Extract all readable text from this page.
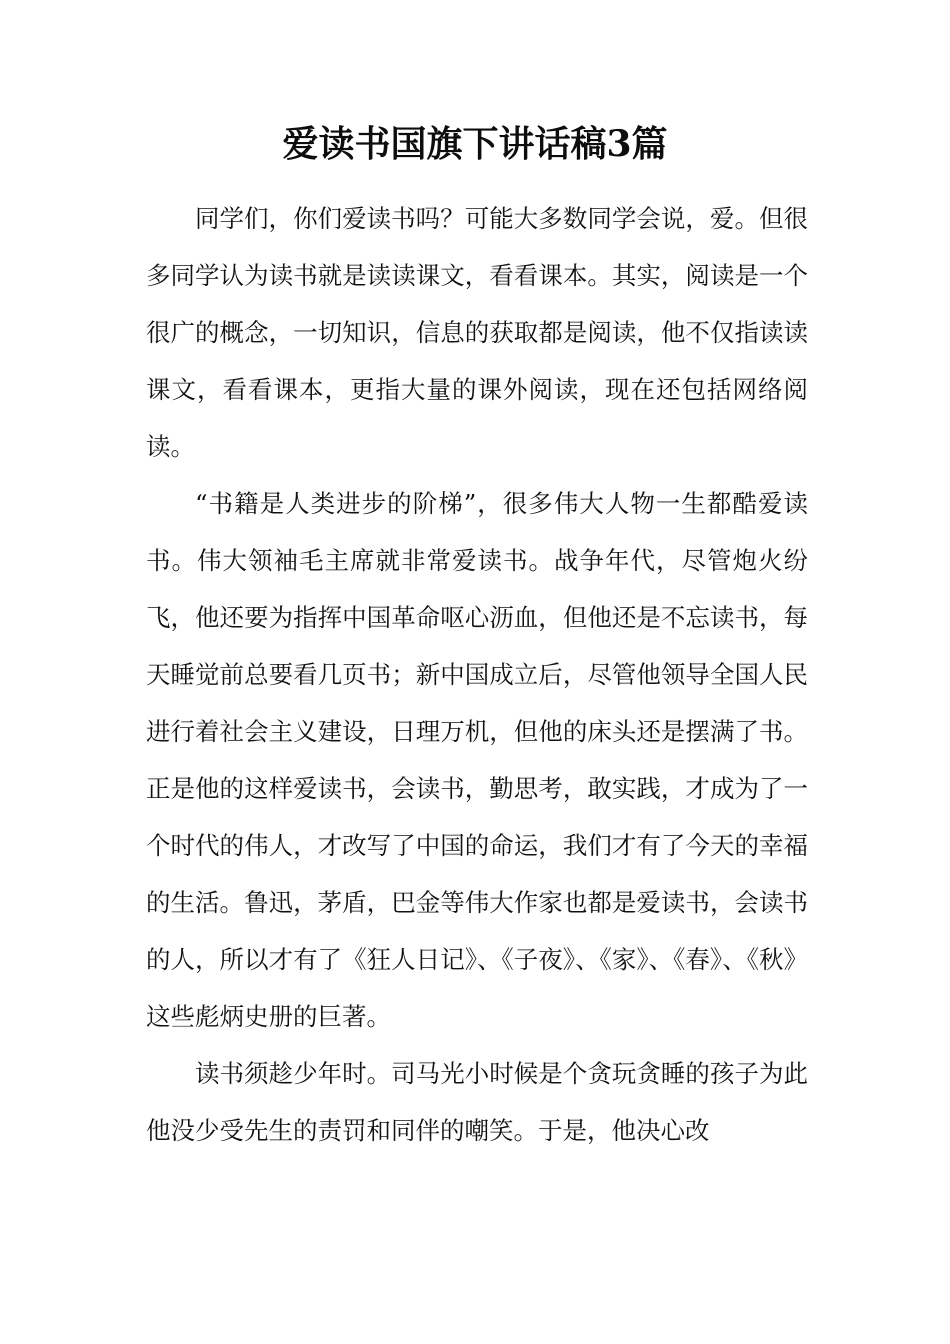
爱读书国旗下讲话稿3篇

同学们，你们爱读书吗？可能大多数同学会说，爱。但很多同学认为读书就是读读课文，看看课本。其实，阅读是一个很广的概念，一切知识，信息的获取都是阅读，他不仅指读读课文，看看课本，更指大量的课外阅读，现在还包括网络阅读。

“书籍是人类进步的阶梯”，很多伟大人物一生都酷爱读书。伟大领袖毛主席就非常爱读书。战争年代，尽管炮火纷飞，他还要为指挥中国革命呕心沥血，但他还是不忘读书，每天睡觉前总要看几页书；新中国成立后，尽管他领导全国人民进行着社会主义建设，日理万机，但他的床头还是摆满了书。正是他的这样爱读书，会读书，勤思考，敢实践，才成为了一个时代的伟人，才改写了中国的命运，我们才有了今天的幸福的生活。鲁迅，茅盾，巴金等伟大作家也都是爱读书，会读书的人，所以才有了《狂人日记》、《子夜》、《家》、《春》、《秋》这些彪炳史册的巨著。

读书须趁少年时。司马光小时候是个贪玩贪睡的孩子为此他没少受先生的责罚和同伴的嘲笑。于是，他决心改
